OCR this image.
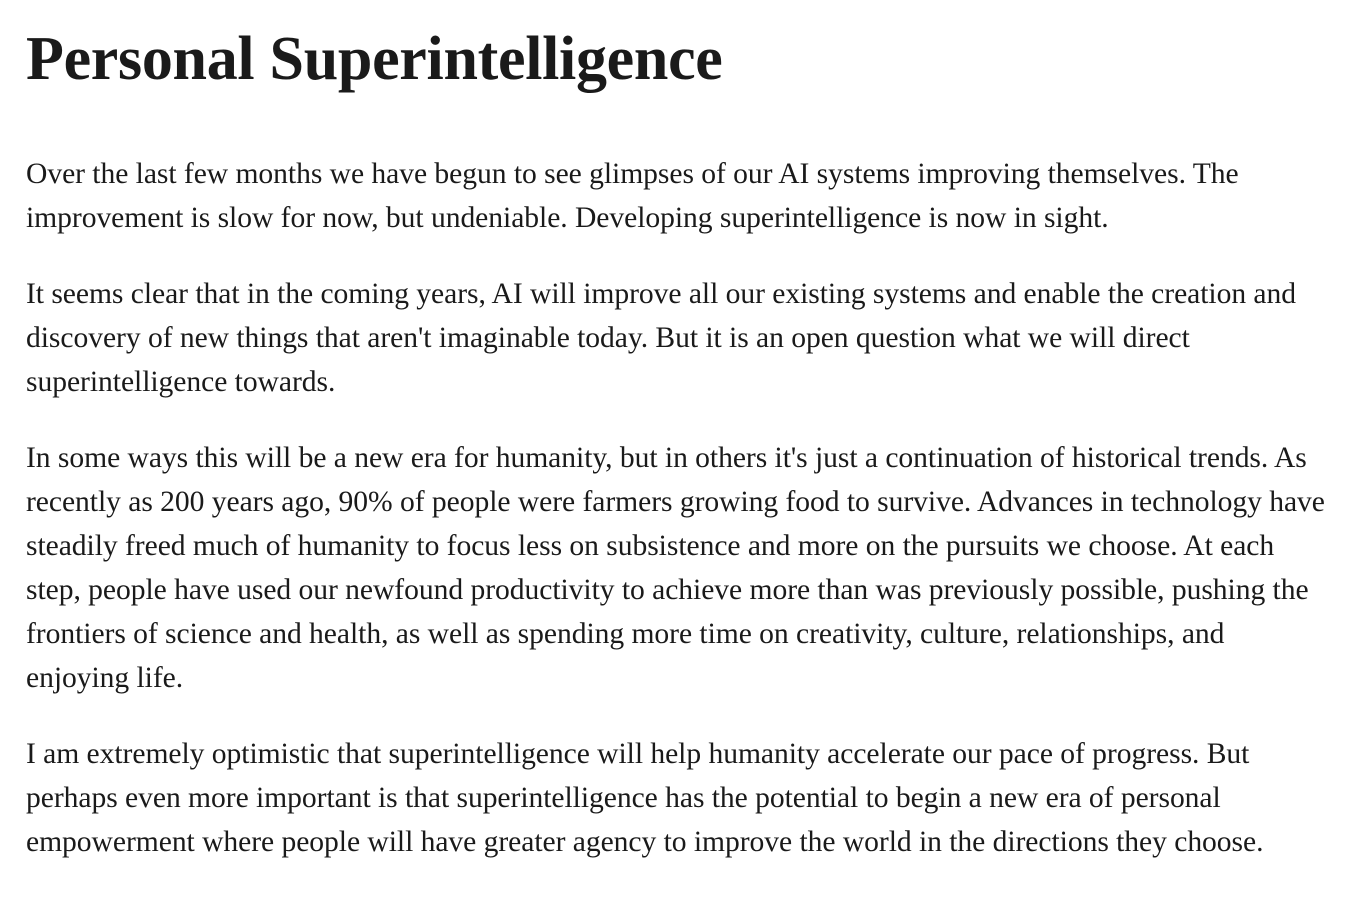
Personal Superintelligence

Over the last few months we have begun to see glimpses of our AI systems improving themselves. The improvement is slow for now, but undeniable. Developing superintelligence is now in sight.

It seems clear that in the coming years, AI will improve all our existing systems and enable the creation and discovery of new things that aren't imaginable today. But it is an open question what we will direct superintelligence towards.

In some ways this will be a new era for humanity, but in others it's just a continuation of historical trends. As recently as 200 years ago, 90% of people were farmers growing food to survive. Advances in technology have steadily freed much of humanity to focus less on subsistence and more on the pursuits we choose. At each step, people have used our newfound productivity to achieve more than was previously possible, pushing the frontiers of science and health, as well as spending more time on creativity, culture, relationships, and enjoying life.

I am extremely optimistic that superintelligence will help humanity accelerate our pace of progress. But perhaps even more important is that superintelligence has the potential to begin a new era of personal empowerment where people will have greater agency to improve the world in the directions they choose.
